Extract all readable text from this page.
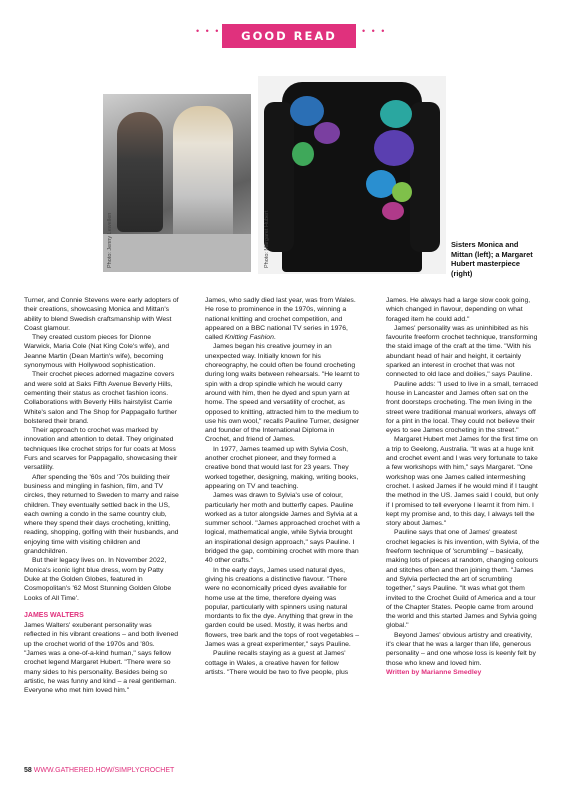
• • •	GOOD READ	• • •
Photo: Jenny Lewellen	Photo: Margaret Hubert	Sisters Monica and Mittan (left); a Margaret Hubert masterpiece (right)

Turner, and Connie Stevens were early adopters of their creations, showcasing Monica and Mittan's ability to blend Swedish craftsmanship with West Coast glamour.

They created custom pieces for Dionne Warwick, Maria Cole (Nat King Cole's wife), and Jeanne Martin (Dean Martin's wife), becoming synonymous with Hollywood sophistication.

Their crochet pieces adorned magazine covers and were sold at Saks Fifth Avenue Beverly Hills, cementing their status as crochet fashion icons. Collaborations with Beverly Hills hairstylist Carrie White's salon and The Shop for Pappagallo further bolstered their brand.

Their approach to crochet was marked by innovation and attention to detail. They originated techniques like crochet strips for fur coats at Moss Furs and scarves for Pappagallo, showcasing their versatility.

After spending the '60s and '70s building their business and mingling in fashion, film, and TV circles, they returned to Sweden to marry and raise children. They eventually settled back in the US, each owning a condo in the same country club, where they spend their days crocheting, knitting, reading, shopping, golfing with their husbands, and enjoying time with visiting children and grandchildren.

But their legacy lives on. In November 2022, Monica's iconic light blue dress, worn by Patty Duke at the Golden Globes, featured in Cosmopolitan's '62 Most Stunning Golden Globe Looks of All Time'.

JAMES WALTERS

James Walters' exuberant personality was reflected in his vibrant creations – and both livened up the crochet world of the 1970s and '80s. "James was a one-of-a-kind human," says fellow crochet legend Margaret Hubert. "There were so many sides to his personality. Besides being so artistic, he was funny and kind – a real gentleman. Everyone who met him loved him."

James, who sadly died last year, was from Wales. He rose to prominence in the 1970s, winning a national knitting and crochet competition, and appeared on a BBC national TV series in 1976, called Knitting Fashion.

James began his creative journey in an unexpected way. Initially known for his choreography, he could often be found crocheting during long waits between rehearsals. "He learnt to spin with a drop spindle which he would carry around with him, then he dyed and spun yarn at home. The speed and versatility of crochet, as opposed to knitting, attracted him to the medium to use his own wool," recalls Pauline Turner, designer and founder of the International Diploma in Crochet, and friend of James.

In 1977, James teamed up with Sylvia Cosh, another crochet pioneer, and they formed a creative bond that would last for 23 years. They worked together, designing, making, writing books, appearing on TV and teaching.

James was drawn to Sylvia's use of colour, particularly her moth and butterfly capes. Pauline worked as a tutor alongside James and Sylvia at a summer school. "James approached crochet with a logical, mathematical angle, while Sylvia brought an inspirational design approach," says Pauline. I bridged the gap, combining crochet with more than 40 other crafts."

In the early days, James used natural dyes, giving his creations a distinctive flavour. "There were no economically priced dyes available for home use at the time, therefore dyeing was popular, particularly with spinners using natural mordants to fix the dye. Anything that grew in the garden could be used. Mostly, it was herbs and flowers, tree bark and the tops of root vegetables – James was a great experimenter," says Pauline.

Pauline recalls staying as a guest at James' cottage in Wales, a creative haven for fellow artists. "There would be two to five people, plus

James. He always had a large slow cook going, which changed in flavour, depending on what foraged item he could add."

James' personality was as uninhibited as his favourite freeform crochet technique, transforming the staid image of the craft at the time. "With his abundant head of hair and height, it certainly sparked an interest in crochet that was not connected to old lace and doilies," says Pauline.

Pauline adds: "I used to live in a small, terraced house in Lancaster and James often sat on the front doorsteps crocheting. The men living in the street were traditional manual workers, always off for a pint in the local. They could not believe their eyes to see James crocheting in the street."

Margaret Hubert met James for the first time on a trip to Geelong, Australia. "It was at a huge knit and crochet event and I was very fortunate to take a few workshops with him," says Margaret. "One workshop was one James called intermeshing crochet. I asked James if he would mind if I taught the method in the US. James said I could, but only if I promised to tell everyone I learnt it from him. I kept my promise and, to this day, I always tell the story about James."

Pauline says that one of James' greatest crochet legacies is his invention, with Sylvia, of the freeform technique of 'scrumbling' – basically, making lots of pieces at random, changing colours and stitches often and then joining them. "James and Sylvia perfected the art of scrumbling together," says Pauline. "It was what got them invited to the Crochet Guild of America and a tour of the Chapter States. People came from around the world and this started James and Sylvia going global."

Beyond James' obvious artistry and creativity, it's clear that he was a larger than life, generous personality – and one whose loss is keenly felt by those who knew and loved him.

Written by Marianne Smedley

58 WWW.GATHERED.HOW/SIMPLYCROCHET
